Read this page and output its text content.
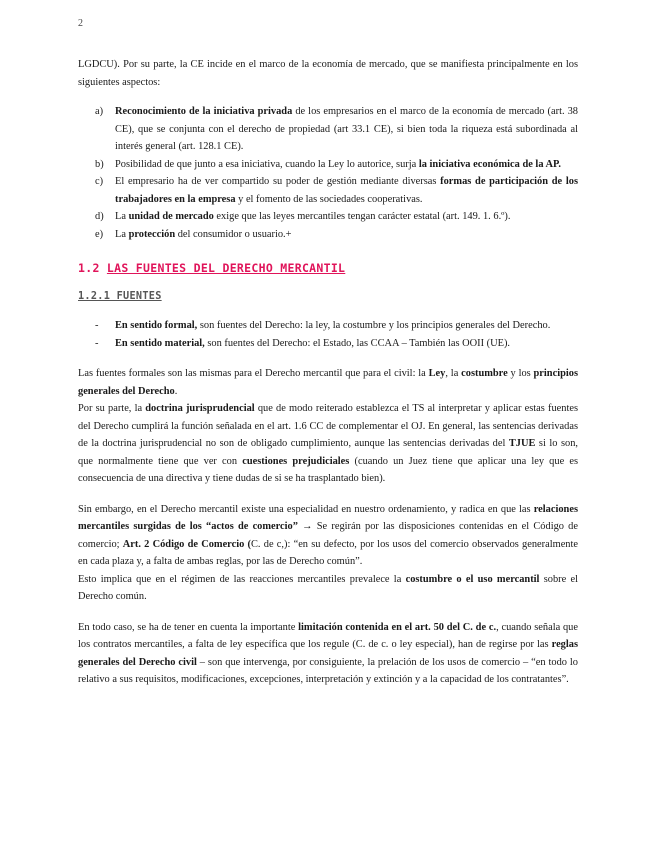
2

LGDCU). Por su parte, la CE incide en el marco de la economía de mercado, que se manifiesta principalmente en los siguientes aspectos:

a) Reconocimiento de la iniciativa privada de los empresarios en el marco de la economía de mercado (art. 38 CE), que se conjunta con el derecho de propiedad (art 33.1 CE), si bien toda la riqueza está subordinada al interés general (art. 128.1 CE).
b) Posibilidad de que junto a esa iniciativa, cuando la Ley lo autorice, surja la iniciativa económica de la AP.
c) El empresario ha de ver compartido su poder de gestión mediante diversas formas de participación de los trabajadores en la empresa y el fomento de las sociedades cooperativas.
d) La unidad de mercado exige que las leyes mercantiles tengan carácter estatal (art. 149. 1. 6.º).
e) La protección del consumidor o usuario.+
1.2 LAS FUENTES DEL DERECHO MERCANTIL
1.2.1 FUENTES
- En sentido formal, son fuentes del Derecho: la ley, la costumbre y los principios generales del Derecho.
- En sentido material, son fuentes del Derecho: el Estado, las CCAA – También las OOII (UE).

Las fuentes formales son las mismas para el Derecho mercantil que para el civil: la Ley, la costumbre y los principios generales del Derecho.

Por su parte, la doctrina jurisprudencial que de modo reiterado establezca el TS al interpretar y aplicar estas fuentes del Derecho cumplirá la función señalada en el art. 1.6 CC de complementar el OJ. En general, las sentencias derivadas de la doctrina jurisprudencial no son de obligado cumplimiento, aunque las sentencias derivadas del TJUE si lo son, que normalmente tiene que ver con cuestiones prejudiciales (cuando un Juez tiene que aplicar una ley que es consecuencia de una directiva y tiene dudas de si se ha trasplantado bien).

Sin embargo, en el Derecho mercantil existe una especialidad en nuestro ordenamiento, y radica en que las relaciones mercantiles surgidas de los “actos de comercio” → Se regirán por las disposiciones contenidas en el Código de comercio; Art. 2 Código de Comercio (C. de c,): “en su defecto, por los usos del comercio observados generalmente en cada plaza y, a falta de ambas reglas, por las de Derecho común”.

Esto implica que en el régimen de las reacciones mercantiles prevalece la costumbre o el uso mercantil sobre el Derecho común.

En todo caso, se ha de tener en cuenta la importante limitación contenida en el art. 50 del C. de c., cuando señala que los contratos mercantiles, a falta de ley específica que los regule (C. de c. o ley especial), han de regirse por las reglas generales del Derecho civil – son que intervenga, por consiguiente, la prelación de los usos de comercio – “en todo lo relativo a sus requisitos, modificaciones, excepciones, interpretación y extinción y a la capacidad de los contratantes”.
